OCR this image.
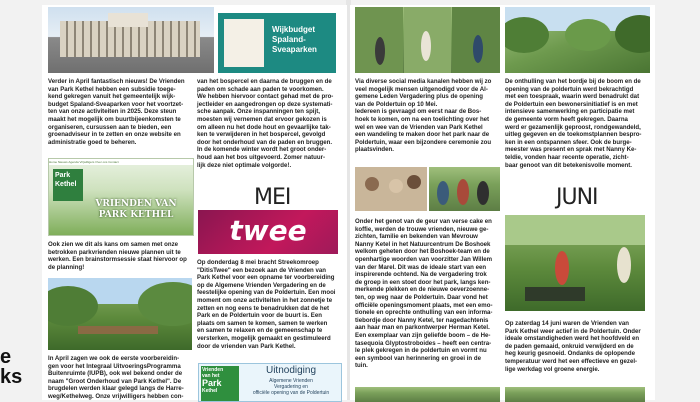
e
ks
Wijkbudget
Spaland-
Sveaparken

Verder in April fantastisch nieuws! De Vrienden

van Park Kethel hebben een subsidie toege-

kend gekregen vanuit het gemeentelijk wijk-

budget Spaland-Sveaparken voor het voortzet-

ten van onze activiteiten in 2025. Deze steun

maakt het mogelijk om buurtbijeenkomsten te

organiseren, cursussen aan te bieden, een

groenadviseur in te zetten en onze website en

administratie goed te beheren.

Home Nieuws Agenda Vrijwilligers Over ons Contact
Park
Kethel
VRIENDEN VAN
PARK KETHEL

Ook zien we dit als kans om samen met onze

betrokken parkvrienden nieuwe plannen uit te

werken. Een brainstormsessie staat hiervoor op

de planning!

In April zagen we ook de eerste voorbereidin-

gen voor het Integraal UitvoeringsProgramma

Buitenruimte (IUPB), ook wel bekend onder de

naam "Groot Onderhoud van Park Kethel". De

brugdelen werden klaar gelegd langs de Harre-

weg/Kethelweg. Onze vrijwilligers hebben con-

van het bospercel en daarna de bruggen en de

paden om schade aan paden te voorkomen.

We hebben hiervoor contact gehad met de pro-

jectleider en aangedrongen op deze systemati-

sche aanpak. Onze inspanningen ten spijt,

moesten wij vernemen dat ervoor gekozen is

om alleen nu het dode hout en gevaarlijke tak-

ken te verwijderen in het bospercel, gevolgd

door het onderhoud van de paden en bruggen.

In de komende winter wordt het groot onder-

houd aan het bos uitgevoerd. Zomer natuur-

lijk deze niet optimale volgorde!.

MEI
twee

Op donderdag 8 mei bracht Streekomroep

"DitisTwee" een bezoek aan de Vrienden van

Park Kethel voor een opname ter voorbereiding

op de Algemene Vrienden Vergadering en de

feestelijke opening van de Poldertuin. Een mooi

moment om onze activiteiten in het zonnetje te

zetten en nog eens te benadrukken dat de het

Park en de Poldertuin voor de buurt is. Een

plaats om samen te komen, samen te werken

en samen te relaxen en de gemeenschap te

versterken, mogelijk gemaakt en gestimuleerd

door de vrienden van Park Kethel.

Vrienden
van het
Park
Kethel
Uitnodiging
Algemene Vrienden
Vergadering en
officiële opening van de Poldertuin

Via diverse social media kanalen hebben wij zo

veel mogelijk mensen uitgenodigd voor de Al-

gemene Leden Vergadering plus de opening

van de Poldertuin op 10 Mei.

Iedereen is gevraagd om eerst naar de Bos-

hoek te komen, om na een toelichting over het

wel en wee van de Vrienden van Park Kethel

een wandeling te maken door het park naar de

Poldertuin, waar een bijzondere ceremonie zou

plaatsvinden.

Onder het genot van de geur van verse cake en

koffie, werden de trouwe vrienden, nieuwe ge-

zichten, familie en bekenden van Mevrouw

Nanny Ketel in het Natuurcentrum De Boshoek

welkom geheten door het Boshoek-team en de

openhartige woorden van voorzitter Jan Willem

van der Marel. Dit was de ideale start van een

inspirerende ochtend. Na de vergadering trok

de groep in een stoet door het park, langs ken-

merkende plekken en de nieuwe oeverzoenne-

ten, op weg naar de Poldertuin. Daar vond het

officiële openingsmoment plaats, met een emo-

tionele en oprechte onthulling van een informa-

tiebordje door Nanny Ketel, ter nagedachtenis

aan haar man en parkontwerper Herman Ketel.

Een exemplaar van zijn geliefde boom – de He-

tasequoia Glyptostroboides – heeft een centra-

le plek gekregen in de poldertuin en vormt nu

een symbool van herinnering en groei in de

tuin.

De onthulling van het bordje bij de boom en de

opening van de poldertuin werd bekrachtigd

met een toespraak, waarin werd benadrukt dat

de Poldertuin een bewonersinitiatief is en met

intensieve samenwerking en participatie met

de gemeente vorm heeft gekregen. Daarna

werd er gezamenlijk geproost, rondgewandeld,

uitleg gegeven en de toekomstplannen bespro-

ken in een ontspannen sfeer. Ook de burge-

meester was present en sprak met Nanny Ke-

teldie, vonden haar recente operatie, zicht-

baar genoot van dit betekenisvolle moment.

JUNI

Op zaterdag 14 juni waren de Vrienden van

Park Kethel weer actief in de Poldertuin. Onder

ideale omstandigheden werd het hoofdveld en

de paden gemaaid, onkruid verwijderd en de

heg keurig gesnoeid. Ondanks de oplopende

temperatuur werd het een effectieve en gezel-

lige werkdag vol groene energie.
